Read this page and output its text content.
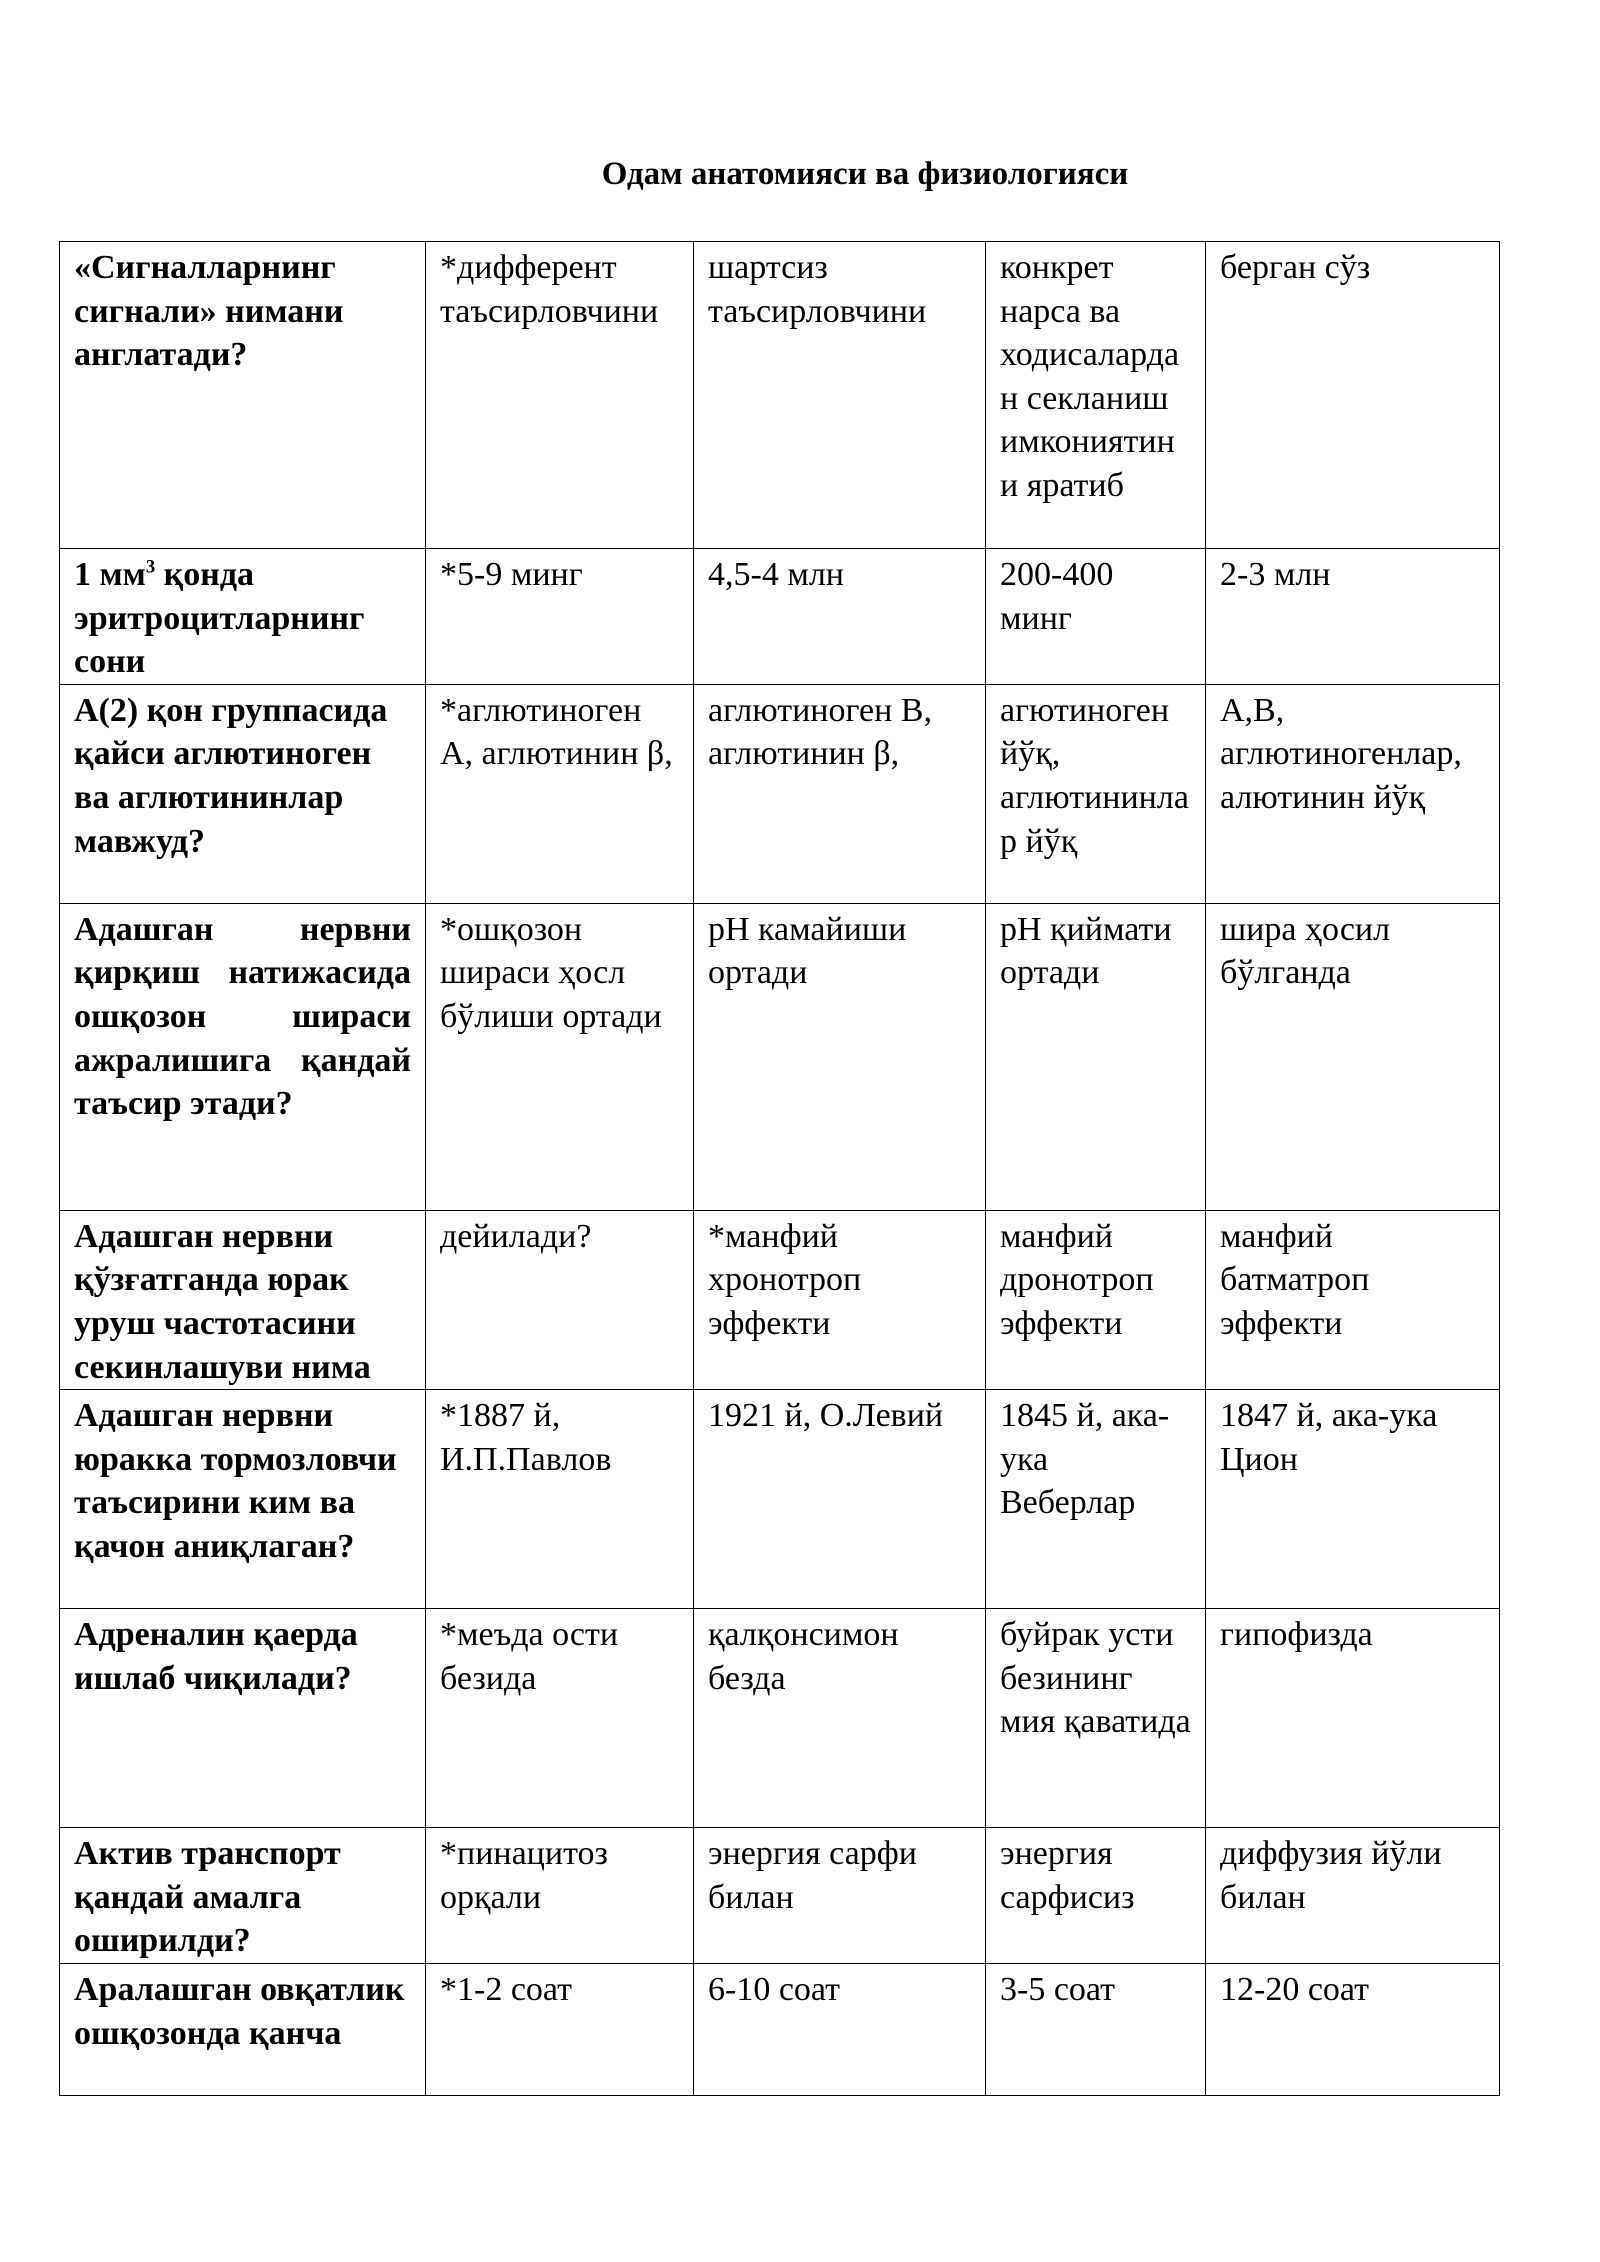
Одам анатомияси ва физиологияси
«Сигналларнинг сигнали» нимани англатади?	*дифферент таъсирловчини	шартсиз таъсирловчини	конкрет нарса ва ходисалардан секланиш имкониятини яратиб	берган сўз
1 $мм^3$ қонда эритроцитларнинг сони	*5-9 минг	4,5-4 млн	200-400 минг	2-3 млн
A(2) қон группасида қайси аглютиноген ва аглютининлар мавжуд?	*аглютиноген A, аглютинин β,	аглютиноген B, аглютинин β,	агютиноген йўқ, аглютининлар йўқ	A,B, аглютиногенлар, алютинин йўқ
Адашган нервни қирқиш натижасида ошқозон шираси ажралишига қандай таъсир этади?	*ошқозон шираси ҳосл бўлиши ортади	pH камайиши ортади	pH қиймати ортади	шира ҳосил бўлганда
Адашган нервни қўзғатганда юрак уруш частотасини секинлашуви нима	дейилади?	*манфий хронотроп эффекти	манфий дронотроп эффекти	манфий батматроп эффекти
Адашган нервни юраккa тормозловчи таъсирини ким ва қачон аниқлаган?	*1887 й, И.П.Павлов	1921 й, О.Левий	1845 й, ака-ука Веберлар	1847 й, ака-ука Цион
Адреналин қаерда ишлаб чиқилади?	*меъда ости безида	қалқонсимон безда	буйрак усти безининг мия қаватида	гипофизда
Актив транспорт қандай амалга оширилди?	*пинацитоз орқали	энергия сарфи билан	энергия сарфисиз	диффузия йўли билан
Аралашган овқатлик ошқозонда қанча	*1-2 соат	6-10 соат	3-5 соат	12-20 соат
